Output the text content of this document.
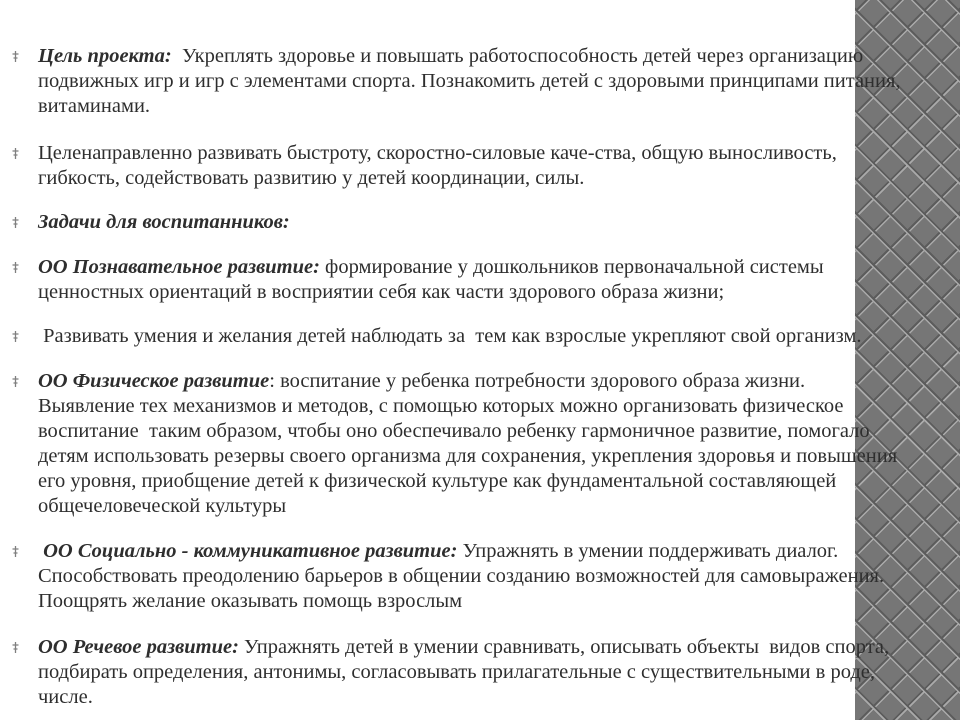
Цель проекта:  Укреплять здоровье и повышать работоспособность детей через организацию
подвижных игр и игр с элементами спорта. Познакомить детей с здоровыми принципами питания,
витаминами.
Целенаправленно развивать быстроту, скоростно-силовые каче-ства, общую выносливость,
гибкость, содействовать развитию у детей координации, силы.
Задачи для воспитанников:
ОО Познавательное развитие: формирование у дошкольников первоначальной системы
ценностных ориентаций в восприятии себя как части здорового образа жизни;
Развивать умения и желания детей наблюдать за  тем как взрослые укрепляют свой организм.
ОО Физическое развитие: воспитание у ребенка потребности здорового образа жизни.
Выявление тех механизмов и методов, с помощью которых можно организовать физическое
воспитание  таким образом, чтобы оно обеспечивало ребенку гармоничное развитие, помогало
детям использовать резервы своего организма для сохранения, укрепления здоровья и повышения
его уровня, приобщение детей к физической культуре как фундаментальной составляющей
общечеловеческой культуры
ОО Социально - коммуникативное развитие: Упражнять в умении поддерживать диалог.
Способствовать преодолению барьеров в общении созданию возможностей для самовыражения.
Поощрять желание оказывать помощь взрослым
ОО Речевое развитие: Упражнять детей в умении сравнивать, описывать объекты  видов спорта,
подбирать определения, антонимы, согласовывать прилагательные с существительными в роде,
числе.
